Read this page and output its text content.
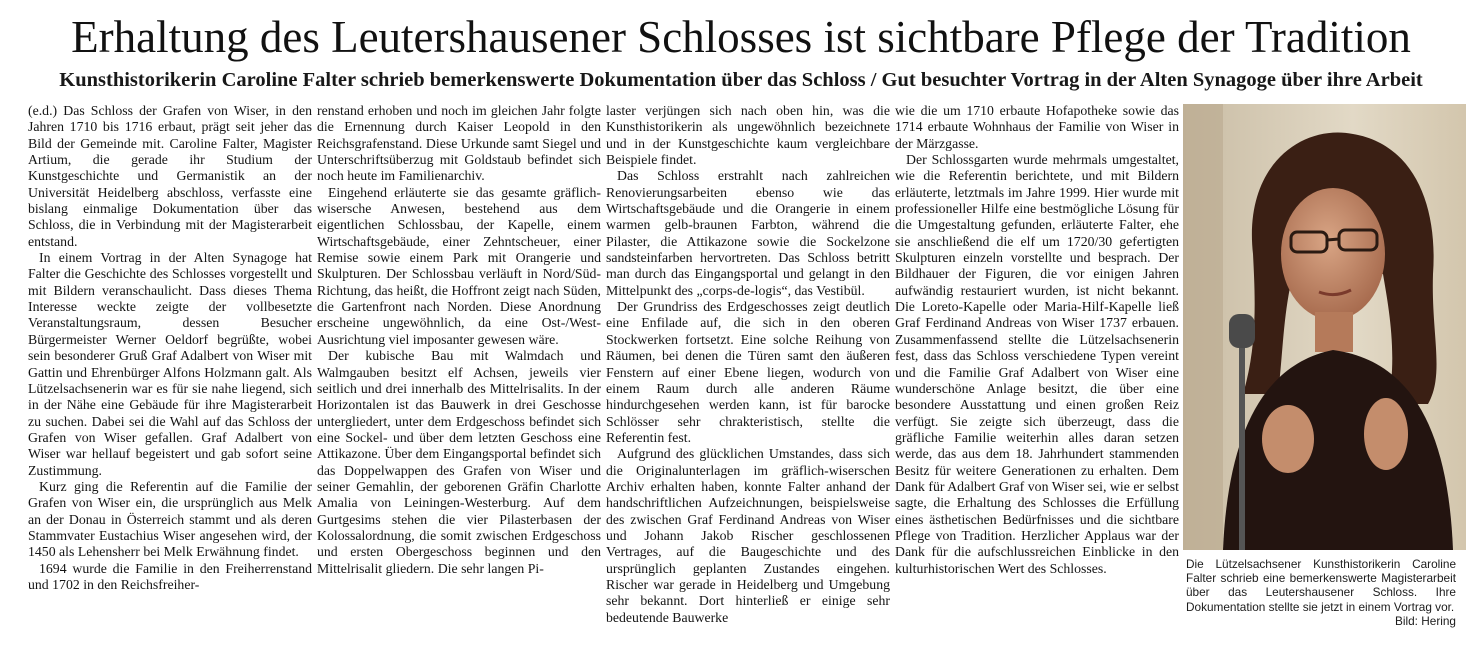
Erhaltung des Leutershausener Schlosses ist sichtbare Pflege der Tradition
Kunsthistorikerin Caroline Falter schrieb bemerkenswerte Dokumentation über das Schloss / Gut besuchter Vortrag in der Alten Synagoge über ihre Arbeit

(e.d.) Das Schloss der Grafen von Wiser, in den Jahren 1710 bis 1716 erbaut, prägt seit jeher das Bild der Gemeinde mit. Caroline Falter, Magister Artium, die gerade ihr Studium der Kunstgeschichte und Germanistik an der Universität Heidelberg abschloss, verfasste eine bislang einmalige Dokumentation über das Schloss, die in Verbindung mit der Magisterarbeit entstand.

In einem Vortrag in der Alten Synagoge hat Falter die Geschichte des Schlosses vorgestellt und mit Bildern veranschaulicht. Dass dieses Thema Interesse weckte zeigte der vollbesetzte Veranstaltungsraum, dessen Besucher Bürgermeister Werner Oeldorf begrüßte, wobei sein besonderer Gruß Graf Adalbert von Wiser mit Gattin und Ehrenbürger Alfons Holzmann galt. Als Lützelsachsenerin war es für sie nahe liegend, sich in der Nähe eine Gebäude für ihre Magisterarbeit zu suchen. Dabei sei die Wahl auf das Schloss der Grafen von Wiser gefallen. Graf Adalbert von Wiser war hellauf begeistert und gab sofort seine Zustimmung.

Kurz ging die Referentin auf die Familie der Grafen von Wiser ein, die ursprünglich aus Melk an der Donau in Österreich stammt und als deren Stammvater Eustachius Wiser angesehen wird, der 1450 als Lehensherr bei Melk Erwähnung findet.

1694 wurde die Familie in den Freiherrenstand und 1702 in den Reichsfreiher-

renstand erhoben und noch im gleichen Jahr folgte die Ernennung durch Kaiser Leopold in den Reichsgrafenstand. Diese Urkunde samt Siegel und Unterschriftsüberzug mit Goldstaub befindet sich noch heute im Familienarchiv.

Eingehend erläuterte sie das gesamte gräflich-wisersche Anwesen, bestehend aus dem eigentlichen Schlossbau, der Kapelle, einem Wirtschaftsgebäude, einer Zehntscheuer, einer Remise sowie einem Park mit Orangerie und Skulpturen. Der Schlossbau verläuft in Nord/Süd-Richtung, das heißt, die Hoffront zeigt nach Süden, die Gartenfront nach Norden. Diese Anordnung erscheine ungewöhnlich, da eine Ost-/West-Ausrichtung viel imposanter gewesen wäre.

Der kubische Bau mit Walmdach und Walmgauben besitzt elf Achsen, jeweils vier seitlich und drei innerhalb des Mittelrisalits. In der Horizontalen ist das Bauwerk in drei Geschosse untergliedert, unter dem Erdgeschoss befindet sich eine Sockel- und über dem letzten Geschoss eine Attikazone. Über dem Eingangsportal befindet sich das Doppelwappen des Grafen von Wiser und seiner Gemahlin, der geborenen Gräfin Charlotte Amalia von Leiningen-Westerburg. Auf dem Gurtgesims stehen die vier Pilasterbasen der Kolossalordnung, die somit zwischen Erdgeschoss und ersten Obergeschoss beginnen und den Mittelrisalit gliedern. Die sehr langen Pi-

laster verjüngen sich nach oben hin, was die Kunsthistorikerin als ungewöhnlich bezeichnete und in der Kunstgeschichte kaum vergleichbare Beispiele findet.

Das Schloss erstrahlt nach zahlreichen Renovierungsarbeiten ebenso wie das Wirtschaftsgebäude und die Orangerie in einem warmen gelb-braunen Farbton, während die Pilaster, die Attikazone sowie die Sockelzone sandsteinfarben hervortreten. Das Schloss betritt man durch das Eingangsportal und gelangt in den Mittelpunkt des „corps-de-logis“, das Vestibül.

Der Grundriss des Erdgeschosses zeigt deutlich eine Enfilade auf, die sich in den oberen Stockwerken fortsetzt. Eine solche Reihung von Räumen, bei denen die Türen samt den äußeren Fenstern auf einer Ebene liegen, wodurch von einem Raum durch alle anderen Räume hindurchgesehen werden kann, ist für barocke Schlösser sehr chrakteristisch, stellte die Referentin fest.

Aufgrund des glücklichen Umstandes, dass sich die Originalunterlagen im gräflich-wiserschen Archiv erhalten haben, konnte Falter anhand der handschriftlichen Aufzeichnungen, beispielsweise des zwischen Graf Ferdinand Andreas von Wiser und Johann Jakob Rischer geschlossenen Vertrages, auf die Baugeschichte und des ursprünglich geplanten Zustandes eingehen. Rischer war gerade in Heidelberg und Umgebung sehr bekannt. Dort hinterließ er einige sehr bedeutende Bauwerke

wie die um 1710 erbaute Hofapotheke sowie das 1714 erbaute Wohnhaus der Familie von Wiser in der Märzgasse.

Der Schlossgarten wurde mehrmals umgestaltet, wie die Referentin berichtete, und mit Bildern erläuterte, letztmals im Jahre 1999. Hier wurde mit professioneller Hilfe eine bestmögliche Lösung für die Umgestaltung gefunden, erläuterte Falter, ehe sie anschließend die elf um 1720/30 gefertigten Skulpturen einzeln vorstellte und besprach. Der Bildhauer der Figuren, die vor einigen Jahren aufwändig restauriert wurden, ist nicht bekannt. Die Loreto-Kapelle oder Maria-Hilf-Kapelle ließ Graf Ferdinand Andreas von Wiser 1737 erbauen. Zusammenfassend stellte die Lützelsachsenerin fest, dass das Schloss verschiedene Typen vereint und die Familie Graf Adalbert von Wiser eine wunderschöne Anlage besitzt, die über eine besondere Ausstattung und einen großen Reiz verfügt. Sie zeigte sich überzeugt, dass die gräfliche Familie weiterhin alles daran setzen werde, das aus dem 18. Jahrhundert stammenden Besitz für weitere Generationen zu erhalten. Dem Dank für Adalbert Graf von Wiser sei, wie er selbst sagte, die Erhaltung des Schlosses die Erfüllung eines ästhetischen Bedürfnisses und die sichtbare Pflege von Tradition. Herzlicher Applaus war der Dank für die aufschlussreichen Einblicke in den kulturhistorischen Wert des Schlosses.	Die Lützelsachsener Kunsthistorikerin Caroline Falter schrieb eine bemerkenswerte Magisterarbeit über das Leutershausener Schloss. Ihre Dokumentation stellte sie jetzt in einem Vortrag vor.
Bild: Hering
